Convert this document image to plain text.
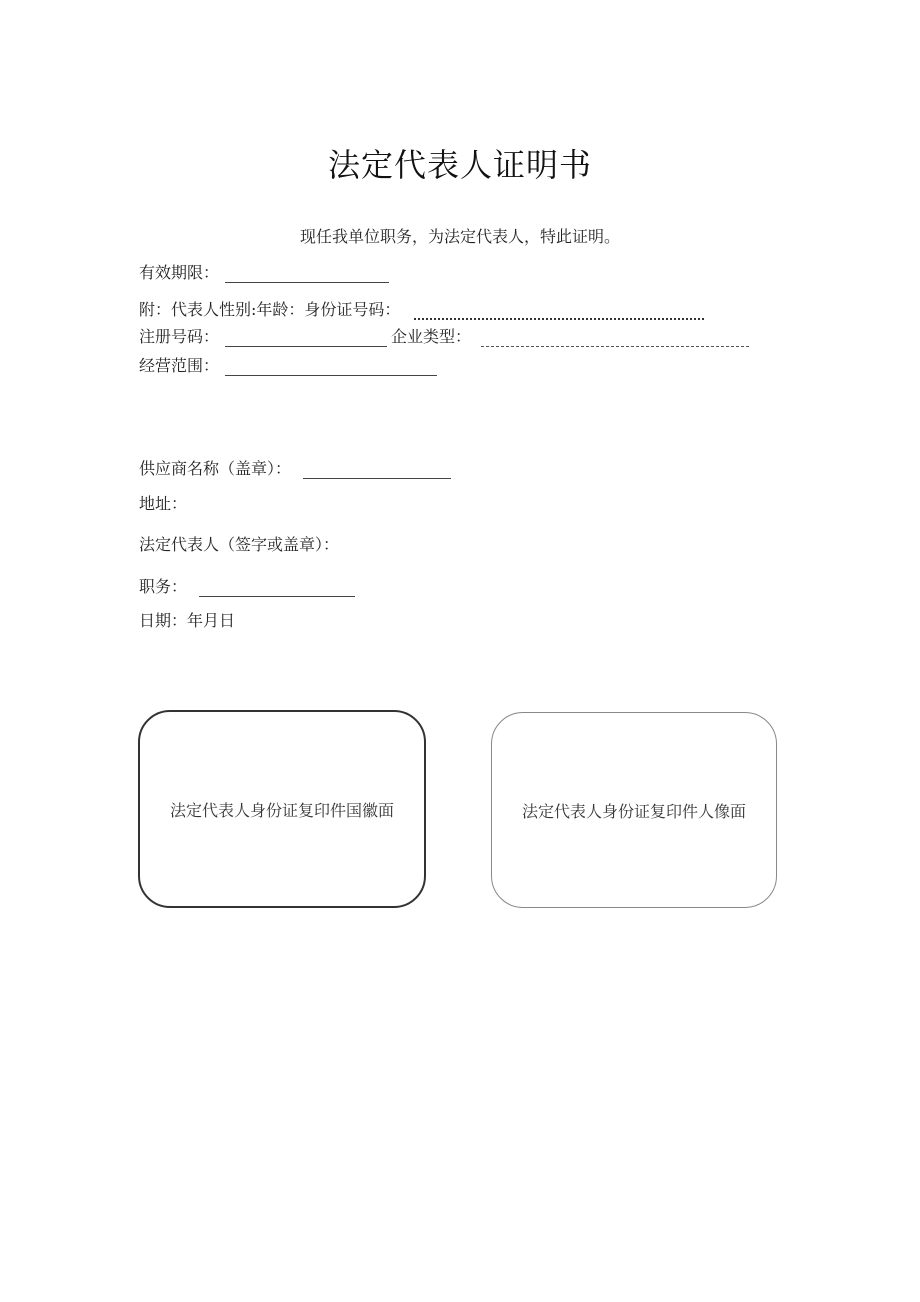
法定代表人证明书
现任我单位职务，为法定代表人，特此证明。
有效期限：
附：代表人性别:年龄：身份证号码：
注册号码：	企业类型：
经营范围：
供应商名称（盖章）：
地址：
法定代表人（签字或盖章）：
职务：
日期：年月日
法定代表人身份证复印件国徽面	法定代表人身份证复印件人像面
